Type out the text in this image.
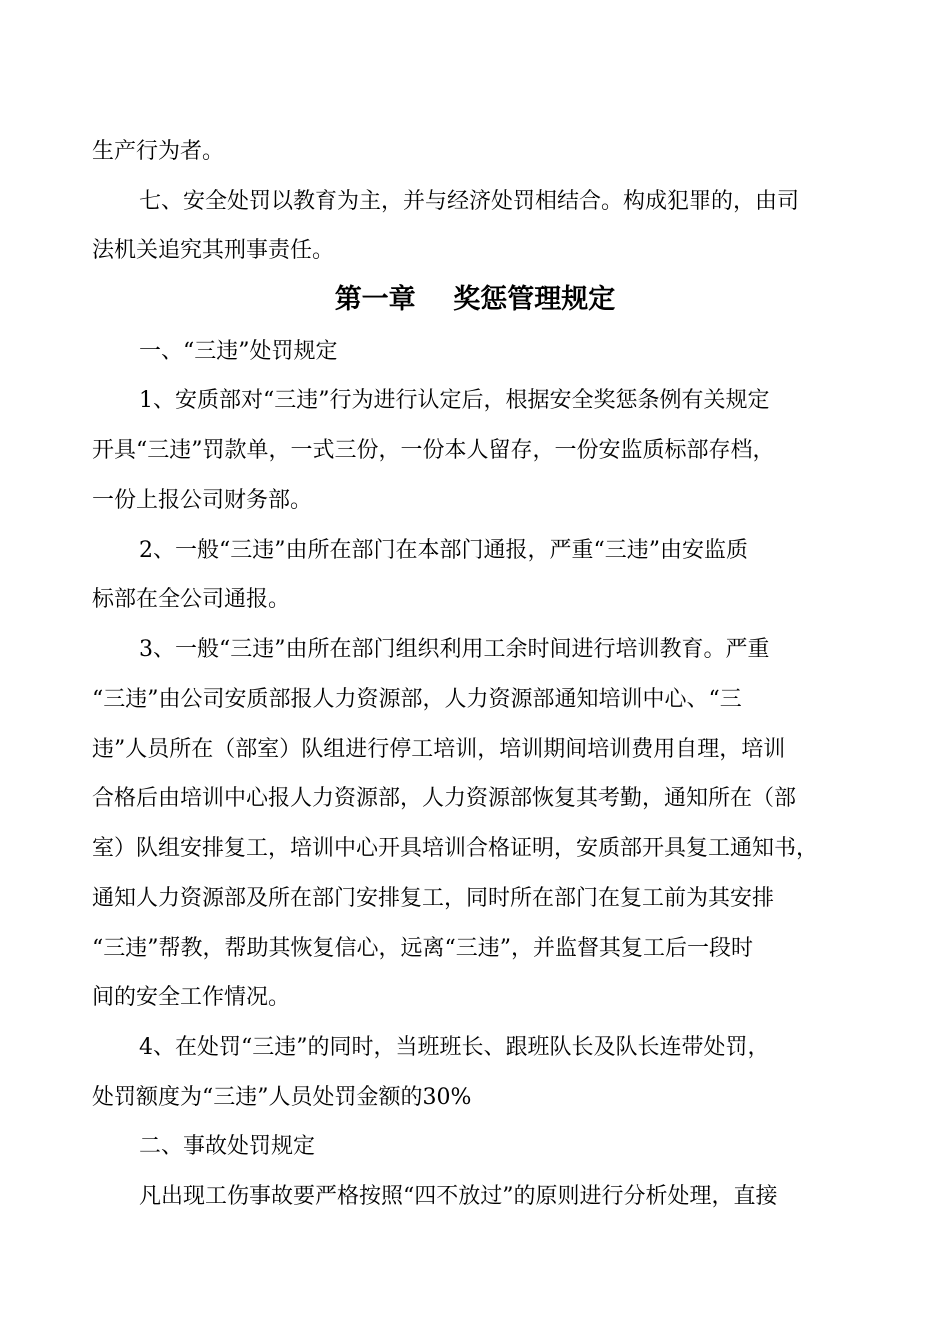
生产行为者。
七、安全处罚以教育为主，并与经济处罚相结合。构成犯罪的，由司
法机关追究其刑事责任。
第一章    奖惩管理规定
一、“三违”处罚规定
1、安质部对“三违”行为进行认定后，根据安全奖惩条例有关规定
开具“三违”罚款单，一式三份，一份本人留存，一份安监质标部存档，
一份上报公司财务部。
2、一般“三违”由所在部门在本部门通报，严重“三违”由安监质
标部在全公司通报。
3、一般“三违”由所在部门组织利用工余时间进行培训教育。严重
“三违”由公司安质部报人力资源部，人力资源部通知培训中心、“三
违”人员所在（部室）队组进行停工培训，培训期间培训费用自理，培训
合格后由培训中心报人力资源部，人力资源部恢复其考勤，通知所在（部
室）队组安排复工，培训中心开具培训合格证明，安质部开具复工通知书，
通知人力资源部及所在部门安排复工，同时所在部门在复工前为其安排
“三违”帮教，帮助其恢复信心，远离“三违”，并监督其复工后一段时
间的安全工作情况。
4、在处罚“三违”的同时，当班班长、跟班队长及队长连带处罚，
处罚额度为“三违”人员处罚金额的30%
二、事故处罚规定
凡出现工伤事故要严格按照“四不放过”的原则进行分析处理，直接
